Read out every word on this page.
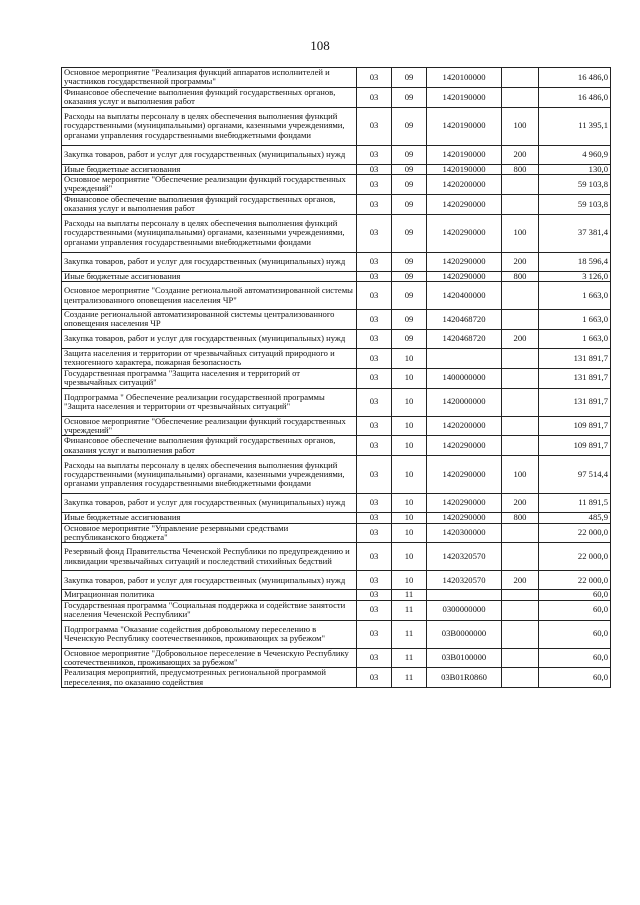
108
Основное мероприятие "Реализация функций аппаратов исполнителей и участников государственной программы"	03	09	1420100000		16 486,0
Финансовое обеспечение выполнения функций государственных органов, оказания услуг и выполнения работ	03	09	1420190000		16 486,0
Расходы на выплаты персоналу в целях обеспечения выполнения функций государственными (муниципальными) органами, казенными учреждениями, органами управления государственными внебюджетными фондами	03	09	1420190000	100	11 395,1
Закупка товаров, работ и услуг для государственных (муниципальных) нужд	03	09	1420190000	200	4 960,9
Иные бюджетные ассигнования	03	09	1420190000	800	130,0
Основное мероприятие "Обеспечение реализации функций государственных учреждений"	03	09	1420200000		59 103,8
Финансовое обеспечение выполнения функций государственных органов, оказания услуг и выполнения работ	03	09	1420290000		59 103,8
Расходы на выплаты персоналу в целях обеспечения выполнения функций государственными (муниципальными) органами, казенными учреждениями, органами управления государственными внебюджетными фондами	03	09	1420290000	100	37 381,4
Закупка товаров, работ и услуг для государственных (муниципальных) нужд	03	09	1420290000	200	18 596,4
Иные бюджетные ассигнования	03	09	1420290000	800	3 126,0
Основное мероприятие "Создание региональной автоматизированной системы централизованного оповещения населения ЧР"	03	09	1420400000		1 663,0
Создание региональной автоматизированной системы централизованного оповещения населения ЧР	03	09	1420468720		1 663,0
Закупка товаров, работ и услуг для государственных (муниципальных) нужд	03	09	1420468720	200	1 663,0
Защита населения и территории от чрезвычайных ситуаций природного и техногенного характера, пожарная безопасность	03	10			131 891,7
Государственная программа "Защита населения и территорий от чрезвычайных ситуаций"	03	10	1400000000		131 891,7
Подпрограмма " Обеспечение реализации государственной программы "Защита населения и территории от чрезвычайных ситуаций"	03	10	1420000000		131 891,7
Основное мероприятие "Обеспечение реализации функций государственных учреждений"	03	10	1420200000		109 891,7
Финансовое обеспечение выполнения функций государственных органов, оказания услуг и выполнения работ	03	10	1420290000		109 891,7
Расходы на выплаты персоналу в целях обеспечения выполнения функций государственными (муниципальными) органами, казенными учреждениями, органами управления государственными внебюджетными фондами	03	10	1420290000	100	97 514,4
Закупка товаров, работ и услуг для государственных (муниципальных) нужд	03	10	1420290000	200	11 891,5
Иные бюджетные ассигнования	03	10	1420290000	800	485,9
Основное мероприятие "Управление резервными средствами республиканского бюджета"	03	10	1420300000		22 000,0
Резервный фонд Правительства Чеченской Республики по предупреждению и ликвидации чрезвычайных ситуаций и последствий стихийных бедствий	03	10	1420320570		22 000,0
Закупка товаров, работ и услуг для государственных (муниципальных) нужд	03	10	1420320570	200	22 000,0
Миграционная политика	03	11			60,0
Государственная программа "Социальная поддержка и содействие занятости населения Чеченской Республики"	03	11	0300000000		60,0
Подпрограмма "Оказание содействия добровольному переселению в Чеченскую Республику соотечественников, проживающих за рубежом"	03	11	03В0000000		60,0
Основное мероприятие "Добровольное переселение в Чеченскую Республику соотечественников, проживающих за рубежом"	03	11	03В0100000		60,0
Реализация мероприятий, предусмотренных региональной программой переселения, по оказанию содействия	03	11	03В01R0860		60,0
